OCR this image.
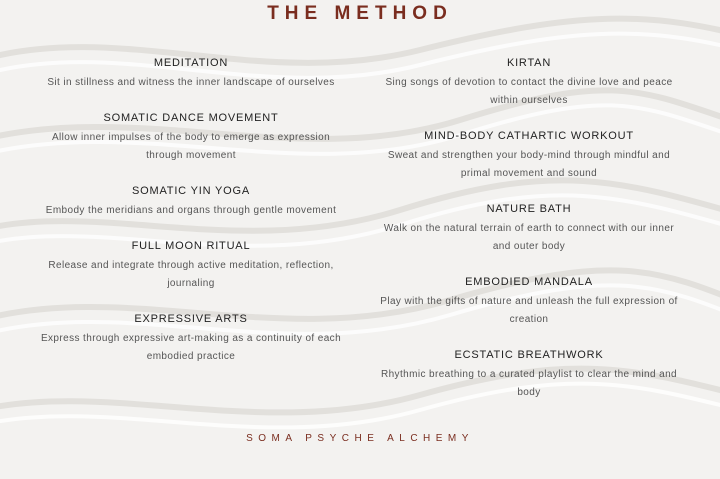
THE METHOD
MEDITATION
Sit in stillness and witness the inner landscape of ourselves
SOMATIC DANCE MOVEMENT
Allow inner impulses of the body to emerge as expression through movement
SOMATIC YIN YOGA
Embody the meridians and organs through gentle movement
FULL MOON RITUAL
Release and integrate through active meditation, reflection, journaling
EXPRESSIVE ARTS
Express through expressive art-making as a continuity of each embodied practice
KIRTAN
Sing songs of devotion to contact the divine love and peace within ourselves
MIND-BODY CATHARTIC WORKOUT
Sweat and strengthen your body-mind through mindful and primal movement and sound
NATURE BATH
Walk on the natural terrain of earth to connect with our inner and outer body
EMBODIED MANDALA
Play with the gifts of nature and unleash the full expression of creation
ECSTATIC BREATHWORK
Rhythmic breathing to a curated playlist to clear the mind and body
SOMA PSYCHE ALCHEMY
